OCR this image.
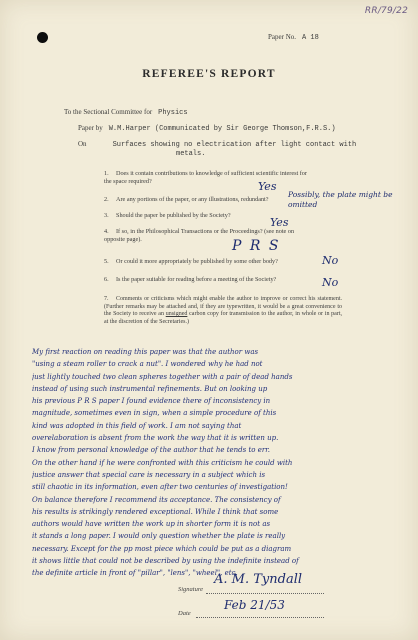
RR/79/22
Paper No. A 18
REFEREE'S REPORT
To the Sectional Committee for Physics
Paper by W.M.Harper (Communicated by Sir George Thomson,F.R.S.)
On	Surfaces showing no electrication after light contact with
metals.
1. Does it contain contributions to knowledge of sufficient scientific interest for the space required?	Yes
2. Are any portions of the paper, or any illustrations, redundant?
Possibly, the plate might be omitted
3. Should the paper be published by the Society?
Yes
4. If so, in the Philosophical Transactions or the Proceedings? (see note on opposite page).	P R S
5. Or could it more appropriately be published by some other body?	No
6. Is the paper suitable for reading before a meeting of the Society?	No
7. Comments or criticisms which might enable the author to improve or correct his statement. (Further remarks may be attached and, if they are typewritten, it would be a great convenience to the Society to receive an unsigned carbon copy for transmission to the author, in whole or in part, at the discretion of the Secretaries.)
My first reaction on reading this paper was that the author was
"using a steam roller to crack a nut". I wondered why he had not
just lightly touched two clean spheres together with a pair of dead hands
instead of using such instrumental refinements. But on looking up
his previous P R S paper I found evidence there of inconsistency in
magnitude, sometimes even in sign, when a simple procedure of this
kind was adopted in this field of work. I am not saying that
overelaboration is absent from the work the way that it is written up.
I know from personal knowledge of the author that he tends to err.
On the other hand if he were confronted with this criticism he could with
justice answer that special care is necessary in a subject which is
still chaotic in its information, even after two centuries of investigation!
On balance therefore I recommend its acceptance. The consistency of
his results is strikingly rendered exceptional. While I think that some
authors would have written the work up in shorter form it is not as
it stands a long paper. I would only question whether the plate is really
necessary. Except for the pp most piece which could be put as a diagram
it shows little that could not be described by using the indefinite instead of
the definite article in front of "pillar", "lens", "wheel", etc.
A. M. Tyndall
Signature
Feb 21/53
Date
